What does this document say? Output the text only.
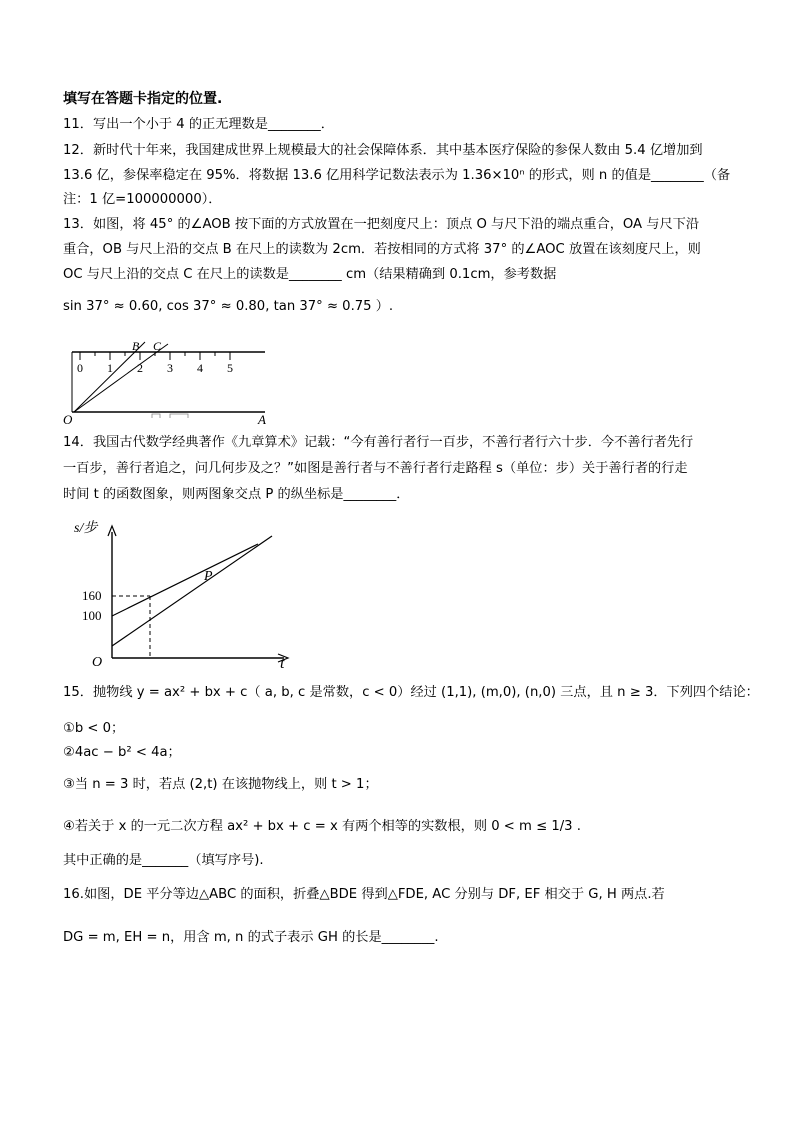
填写在答题卡指定的位置.
11．写出一个小于 4 的正无理数是________．
12．新时代十年来，我国建成世界上规模最大的社会保障体系．其中基本医疗保险的参保人数由 5.4 亿增加到
13.6 亿，参保率稳定在 95%．将数据 13.6 亿用科学记数法表示为 1.36×10ⁿ 的形式，则 n 的值是________（备
注：1 亿=100000000）．
13．如图，将 45° 的∠AOB 按下面的方式放置在一把刻度尺上：顶点 O 与尺下沿的端点重合，OA 与尺下沿
重合，OB 与尺上沿的交点 B 在尺上的读数为 2cm．若按相同的方式将 37° 的∠AOC 放置在该刻度尺上，则
OC 与尺上沿的交点 C 在尺上的读数是________ cm（结果精确到 0.1cm，参考数据
sin 37° ≈ 0.60, cos 37° ≈ 0.80, tan 37° ≈ 0.75 ）.
0 1 2 3 4 5
B C
O	A
14．我国古代数学经典著作《九章算术》记载：“今有善行者行一百步，不善行者行六十步．今不善行者先行
一百步，善行者追之，问几何步及之？”如图是善行者与不善行者行走路程 s（单位：步）关于善行者的行走
时间 t 的函数图象，则两图象交点 P 的纵坐标是________．
s/步
t
O
160
100
P
15．抛物线 y = ax² + bx + c（ a, b, c 是常数，c < 0）经过 (1,1), (m,0), (n,0) 三点，且 n ≥ 3．下列四个结论：
①b < 0；
②4ac − b² < 4a；
③当 n = 3 时，若点 (2,t) 在该抛物线上，则 t > 1；
④若关于 x 的一元二次方程 ax² + bx + c = x 有两个相等的实数根，则 0 < m ≤ 1/3 .
其中正确的是_______（填写序号).
16.如图，DE 平分等边△ABC 的面积，折叠△BDE 得到△FDE, AC 分别与 DF, EF 相交于 G, H 两点.若
DG = m, EH = n，用含 m, n 的式子表示 GH 的长是________.
